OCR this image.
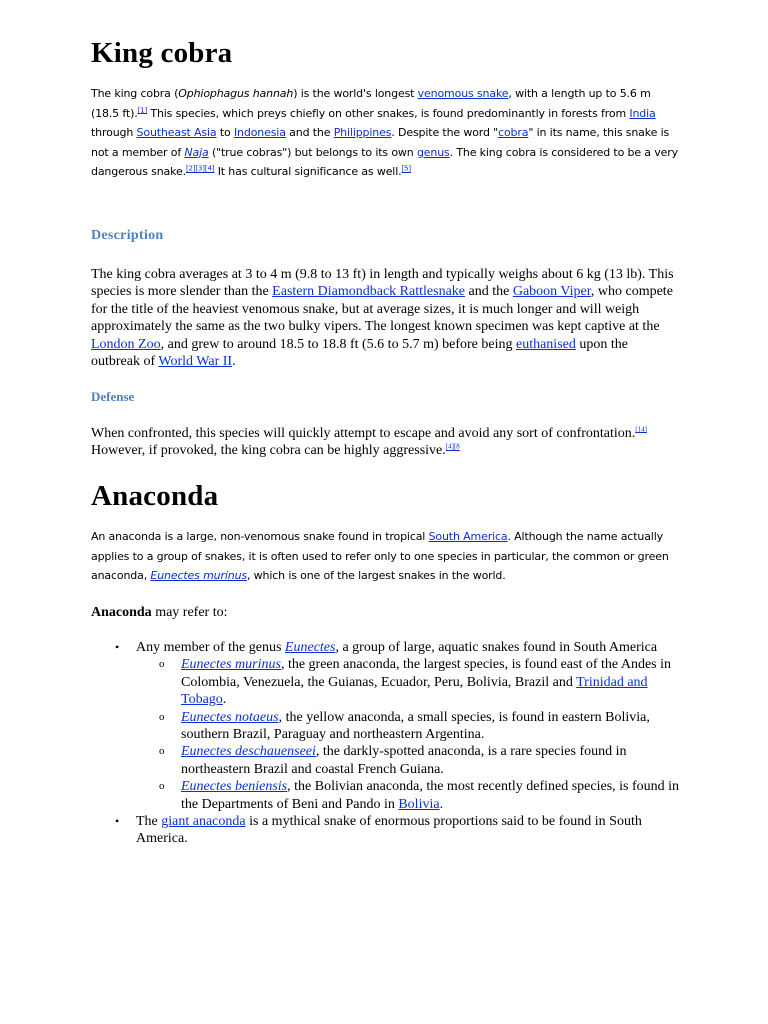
King cobra

The king cobra (Ophiophagus hannah) is the world's longest venomous snake, with a length up to 5.6 m (18.5 ft).[1] This species, which preys chiefly on other snakes, is found predominantly in forests from India through Southeast Asia to Indonesia and the Philippines. Despite the word "cobra" in its name, this snake is not a member of Naja ("true cobras") but belongs to its own genus. The king cobra is considered to be a very dangerous snake.[2][3][4] It has cultural significance as well.[5]

Description

The king cobra averages at 3 to 4 m (9.8 to 13 ft) in length and typically weighs about 6 kg (13 lb). This species is more slender than the Eastern Diamondback Rattlesnake and the Gaboon Viper, who compete for the title of the heaviest venomous snake, but at average sizes, it is much longer and will weigh approximately the same as the two bulky vipers. The longest known specimen was kept captive at the London Zoo, and grew to around 18.5 to 18.8 ft (5.6 to 5.7 m) before being euthanised upon the outbreak of World War II.

Defense

When confronted, this species will quickly attempt to escape and avoid any sort of confrontation.[14] However, if provoked, the king cobra can be highly aggressive.$^{[4][8}$

Anaconda

An anaconda is a large, non-venomous snake found in tropical South America. Although the name actually applies to a group of snakes, it is often used to refer only to one species in particular, the common or green anaconda, Eunectes murinus, which is one of the largest snakes in the world.

Anaconda may refer to:

• Any member of the genus Eunectes, a group of large, aquatic snakes found in South America
o Eunectes murinus, the green anaconda, the largest species, is found east of the Andes in Colombia, Venezuela, the Guianas, Ecuador, Peru, Bolivia, Brazil and Trinidad and Tobago.
o Eunectes notaeus, the yellow anaconda, a small species, is found in eastern Bolivia, southern Brazil, Paraguay and northeastern Argentina.
o Eunectes deschauenseei, the darkly-spotted anaconda, is a rare species found in northeastern Brazil and coastal French Guiana.
o Eunectes beniensis, the Bolivian anaconda, the most recently defined species, is found in the Departments of Beni and Pando in Bolivia.
• The giant anaconda is a mythical snake of enormous proportions said to be found in South America.
